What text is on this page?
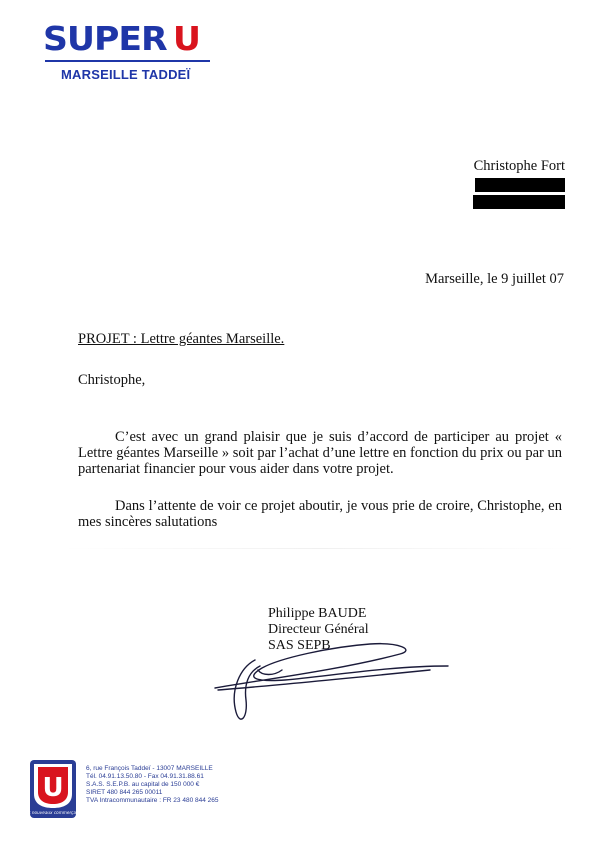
SUPER U
MARSEILLE TADDEÏ
Christophe Fort
Marseille, le 9 juillet 07
PROJET : Lettre géantes Marseille.
Christophe,
C’est avec un grand plaisir que je suis d’accord de participer au projet « Lettre géantes Marseille » soit par l’achat d’une lettre en fonction du prix ou par un partenariat financier pour vous aider dans votre projet.
Dans l’attente de voir ce projet aboutir, je vous prie de croire, Christophe, en mes sincères salutations
Philippe BAUDE
Directeur Général
SAS SEPB
U
Les nouveaux commerçants
6, rue François Taddeï - 13007 MARSEILLE
Tél. 04.91.13.50.80 - Fax 04.91.31.88.61
S.A.S. S.E.P.B. au capital de 150 000 €
SIRET 480 844 265 00011
TVA Intracommunautaire : FR 23 480 844 265
